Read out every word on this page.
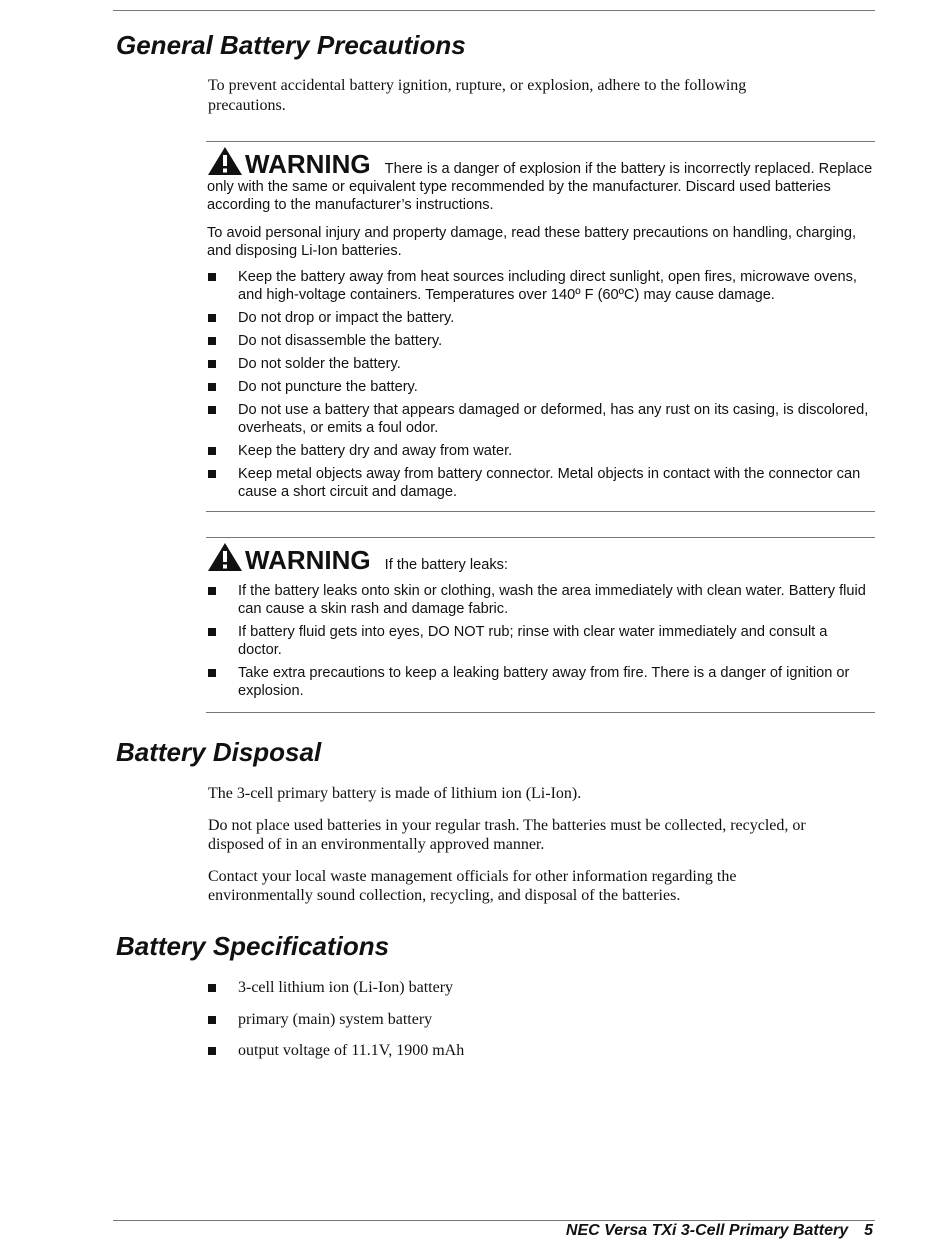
General Battery Precautions

To prevent accidental battery ignition, rupture, or explosion, adhere to the following precautions.

WARNING There is a danger of explosion if the battery is incorrectly replaced. Replace only with the same or equivalent type recommended by the manufacturer. Discard used batteries according to the manufacturer’s instructions.

To avoid personal injury and property damage, read these battery precautions on handling, charging, and disposing Li-Ion batteries.

Keep the battery away from heat sources including direct sunlight, open fires, microwave ovens, and high-voltage containers. Temperatures over 140º F (60ºC) may cause damage.
Do not drop or impact the battery.
Do not disassemble the battery.
Do not solder the battery.
Do not puncture the battery.
Do not use a battery that appears damaged or deformed, has any rust on its casing, is discolored, overheats, or emits a foul odor.
Keep the battery dry and away from water.
Keep metal objects away from battery connector. Metal objects in contact with the connector can cause a short circuit and damage.

WARNING If the battery leaks:

If the battery leaks onto skin or clothing, wash the area immediately with clean water. Battery fluid can cause a skin rash and damage fabric.
If battery fluid gets into eyes, DO NOT rub; rinse with clear water immediately and consult a doctor.
Take extra precautions to keep a leaking battery away from fire. There is a danger of ignition or explosion.
Battery Disposal

The 3-cell primary battery is made of lithium ion (Li-Ion).

Do not place used batteries in your regular trash. The batteries must be collected, recycled, or disposed of in an environmentally approved manner.

Contact your local waste management officials for other information regarding the environmentally sound collection, recycling, and disposal of the batteries.

Battery Specifications
3-cell lithium ion (Li-Ion) battery
primary (main) system battery
output voltage of 11.1V, 1900 mAh
NEC Versa TXi 3-Cell Primary Battery 5
